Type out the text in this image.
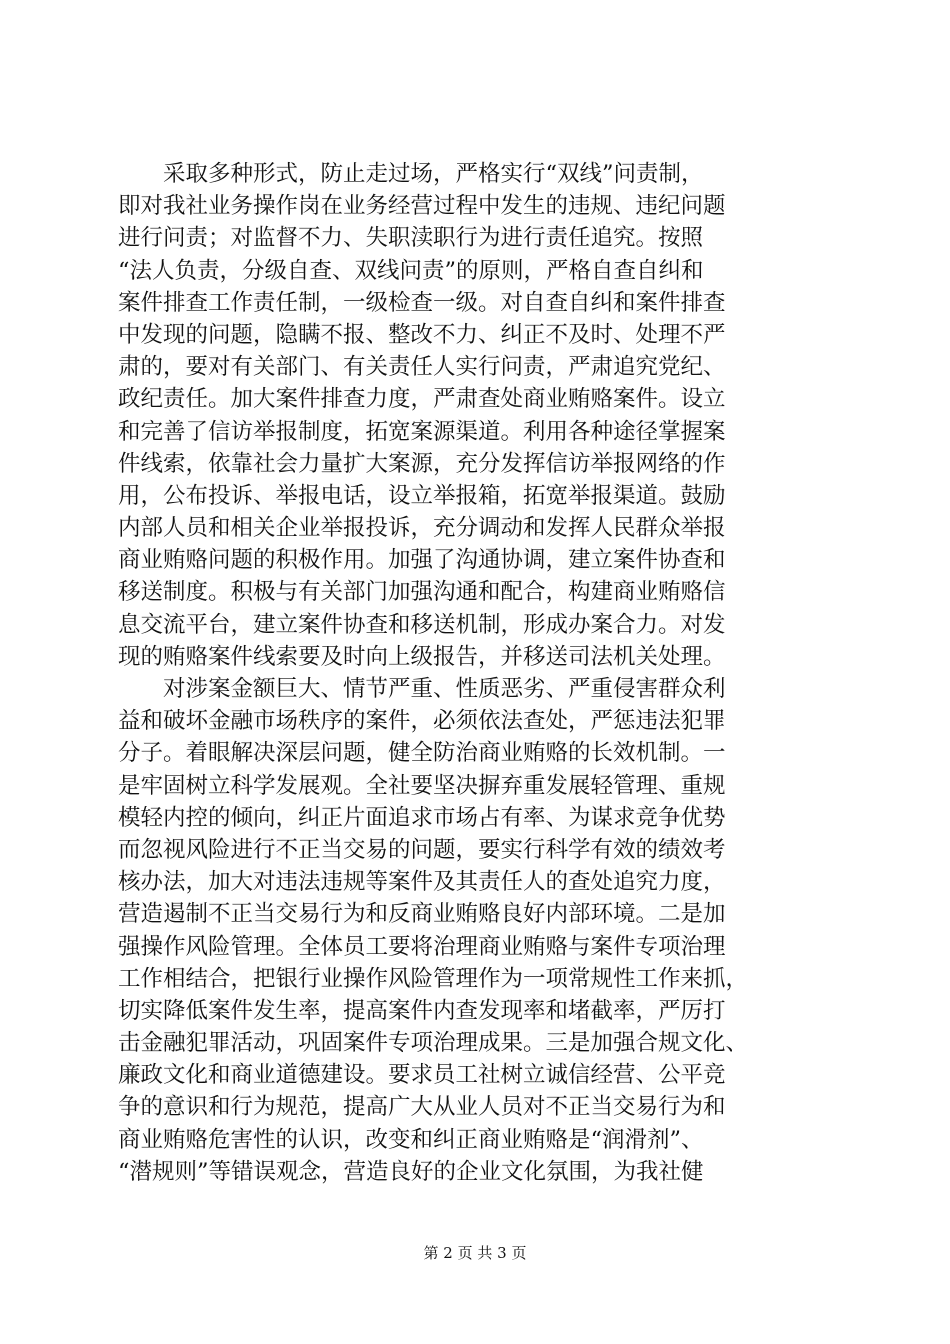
　　采取多种形式，防止走过场，严格实行“双线”问责制，
即对我社业务操作岗在业务经营过程中发生的违规、违纪问题
进行问责；对监督不力、失职渎职行为进行责任追究。按照
“法人负责，分级自查、双线问责”的原则，严格自查自纠和
案件排查工作责任制，一级检查一级。对自查自纠和案件排查
中发现的问题，隐瞒不报、整改不力、纠正不及时、处理不严
肃的，要对有关部门、有关责任人实行问责，严肃追究党纪、
政纪责任。加大案件排查力度，严肃查处商业贿赂案件。设立
和完善了信访举报制度，拓宽案源渠道。利用各种途径掌握案
件线索，依靠社会力量扩大案源，充分发挥信访举报网络的作
用，公布投诉、举报电话，设立举报箱，拓宽举报渠道。鼓励
内部人员和相关企业举报投诉，充分调动和发挥人民群众举报
商业贿赂问题的积极作用。加强了沟通协调，建立案件协查和
移送制度。积极与有关部门加强沟通和配合，构建商业贿赂信
息交流平台，建立案件协查和移送机制，形成办案合力。对发
现的贿赂案件线索要及时向上级报告，并移送司法机关处理。
　　对涉案金额巨大、情节严重、性质恶劣、严重侵害群众利
益和破坏金融市场秩序的案件，必须依法查处，严惩违法犯罪
分子。着眼解决深层问题，健全防治商业贿赂的长效机制。一
是牢固树立科学发展观。全社要坚决摒弃重发展轻管理、重规
模轻内控的倾向，纠正片面追求市场占有率、为谋求竞争优势
而忽视风险进行不正当交易的问题，要实行科学有效的绩效考
核办法，加大对违法违规等案件及其责任人的查处追究力度，
营造遏制不正当交易行为和反商业贿赂良好内部环境。二是加
强操作风险管理。全体员工要将治理商业贿赂与案件专项治理
工作相结合，把银行业操作风险管理作为一项常规性工作来抓，
切实降低案件发生率，提高案件内查发现率和堵截率，严厉打
击金融犯罪活动，巩固案件专项治理成果。三是加强合规文化、
廉政文化和商业道德建设。要求员工社树立诚信经营、公平竞
争的意识和行为规范，提高广大从业人员对不正当交易行为和
商业贿赂危害性的认识，改变和纠正商业贿赂是“润滑剂”、
“潜规则”等错误观念，营造良好的企业文化氛围，为我社健
第 2 页 共 3 页
